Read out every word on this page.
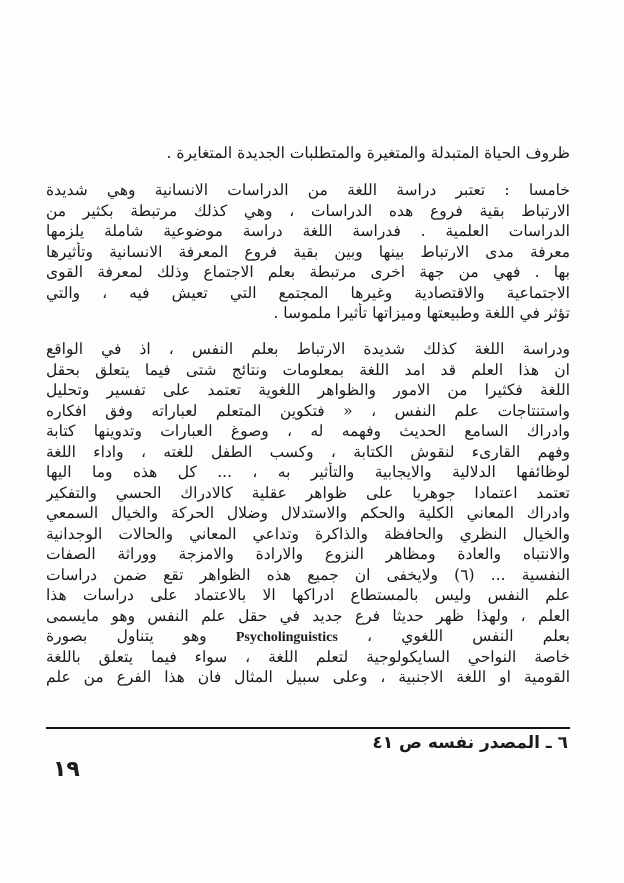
ظروف الحياة المتبدلة والمتغيرة والمتطلبات الجديدة المتغايرة .
خامسا : تعتبر دراسة اللغة من الدراسات الانسانية وهي شديدة
الارتباط بقية فروع هده الدراسات ، وهي كذلك مرتبطة بكثير من
الدراسات العلمية . فدراسة اللغة دراسة موضوعية شاملة يلزمها
معرفة مدى الارتباط بينها وبين بقية فروع المعرفة الانسانية وتأثيرها
بها . فهي من جهة اخرى مرتبطة بعلم الاجتماع وذلك لمعرفة القوى
الاجتماعية والاقتصادية وغيرها المجتمع التي تعيش فيه ، والتي
تؤثر في اللغة وطبيعتها وميزاتها تأثيرا ملموسا .
ودراسة اللغة كذلك شديدة الارتباط بعلم النفس ، اذ في الواقع
ان هذا العلم قد امد اللغة بمعلومات ونتائج شتى فيما يتعلق بحقل
اللغة فكثيرا من الامور والظواهر اللغوية تعتمد على تفسير وتحليل
واستنتاجات علم النفس ، « فتكوين المتعلم لعباراته وفق افكاره
وادراك السامع الحديث وفهمه له ، وصوغ العبارات وتدوينها كتابة
وفهم القارىء لنقوش الكتابة ، وكسب الطفل للغته ، واداء اللغة
لوظائفها الدلالية والايجابية والتأثير به ، ... كل هذه وما اليها
تعتمد اعتمادا جوهريا على ظواهر عقلية كالادراك الحسي والتفكير
وادراك المعاني الكلية والحكم والاستدلال وضلال الحركة والخيال السمعي
والخيال النظري والحافظة والذاكرة وتداعي المعاني والحالات الوجدانية
والانتباه والعادة ومظاهر النزوع والارادة والامزجة ووراثة الصفات
النفسية ... (٦) ولايخفى ان جميع هذه الظواهر تقع ضمن دراسات
علم النفس وليس بالمستطاع ادراكها الا بالاعتماد على دراسات هذا
العلم ، ولهذا ظهر حديثا فرع جديد في حقل علم النفس وهو مايسمى
بعلم النفس اللغوي ، Psycholinguistics وهو يتناول بصورة
خاصة النواحي السايكولوجية لتعلم اللغة ، سواء فيما يتعلق باللغة
القومية او اللغة الاجنبية ، وعلى سبيل المثال فان هذا الفرع من علم
٦ ـ المصدر نفسه ص ٤١
١٩
